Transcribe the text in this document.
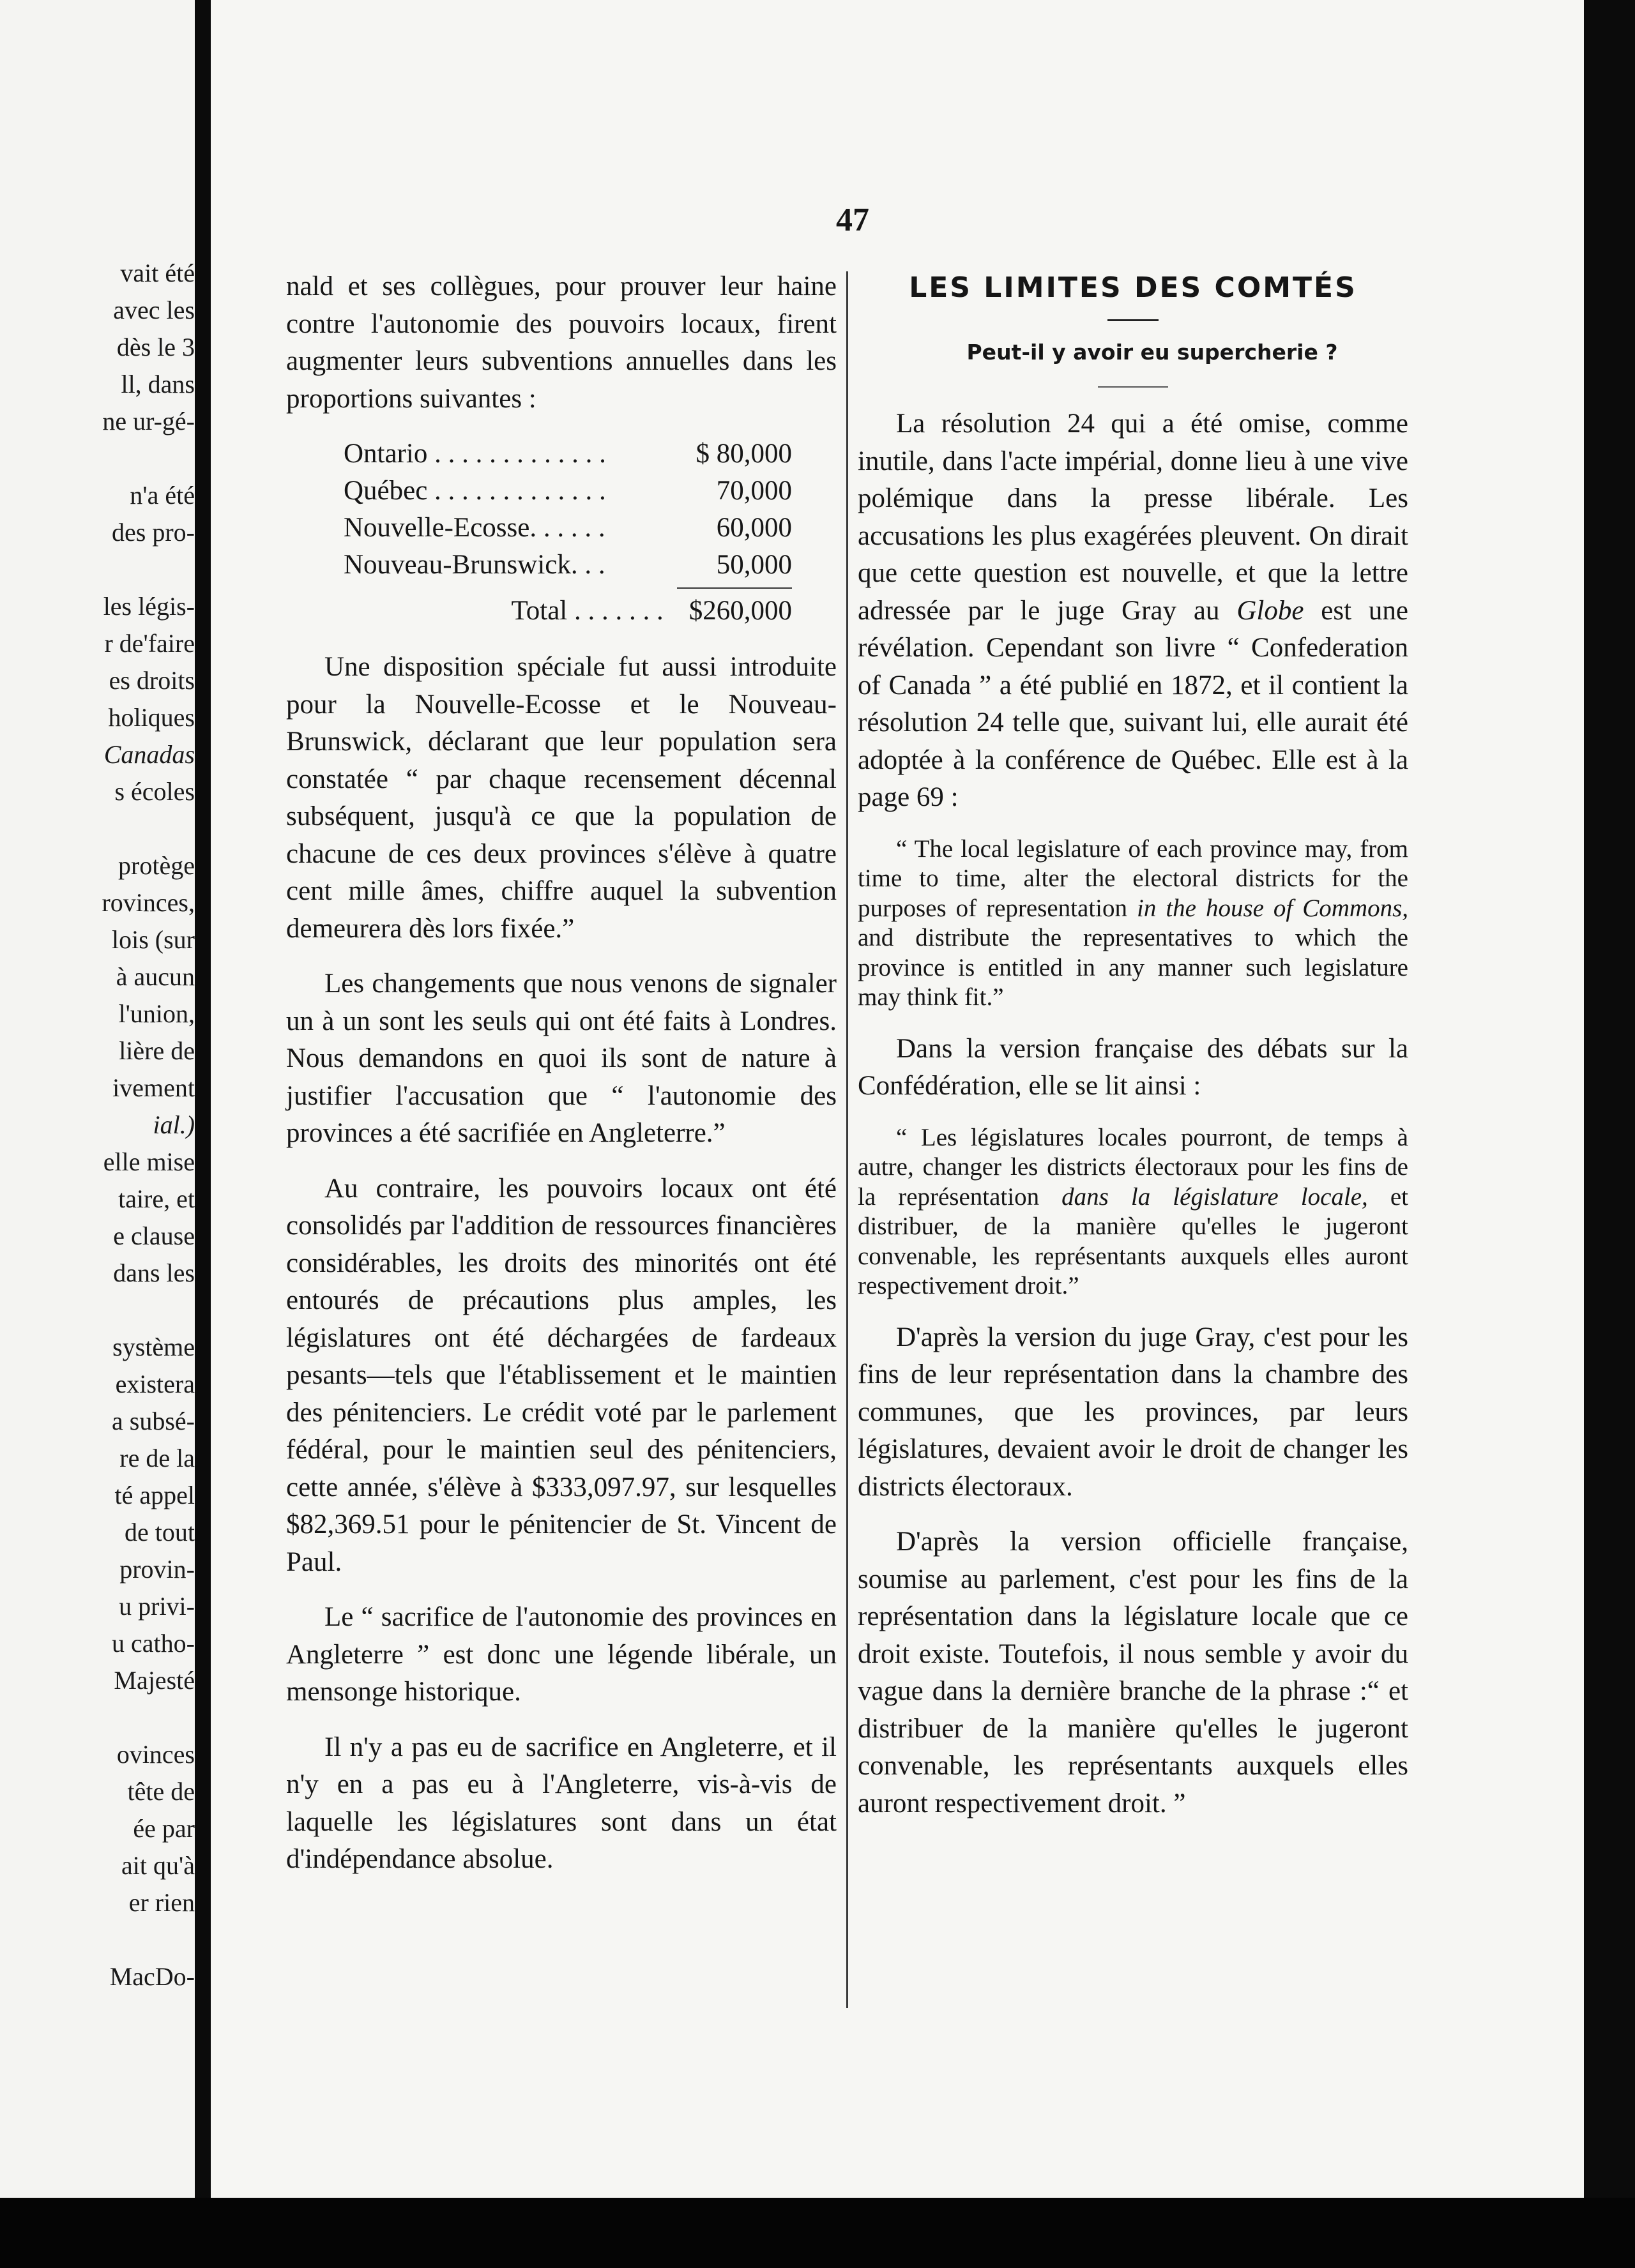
vait été
avec les
dès le 3
ll, dans
ne ur-gé-
n'a été
des pro-
les légis-
r de'faire
es droits
holiques
Canadas
s écoles
protège
rovinces,
lois (sur
à aucun
l'union,
lière de
ivement
ial.)
elle mise
taire, et
e clause
dans les
système
existera
a subsé-
re de la
té appel
de tout
provin-
u privi-
u catho-
Majesté
ovinces
tête de
ée par
ait qu'à
er rien
MacDo-
47

nald et ses collègues, pour prouver leur haine contre l'autonomie des pouvoirs locaux, firent augmenter leurs subventions annuelles dans les proportions suivantes :

Ontario . . . . . . . . . . . . .	$ 80,000
Québec . . . . . . . . . . . . .	70,000
Nouvelle-Ecosse. . . . . .	60,000
Nouveau-Brunswick. . .	50,000
Total . . . . . . . $260,000

Une disposition spéciale fut aussi introduite pour la Nouvelle-Ecosse et le Nouveau-Brunswick, déclarant que leur population sera constatée “ par chaque recensement décennal subséquent, jusqu'à ce que la population de chacune de ces deux provinces s'élève à quatre cent mille âmes, chiffre auquel la subvention demeurera dès lors fixée.”

Les changements que nous venons de signaler un à un sont les seuls qui ont été faits à Londres. Nous demandons en quoi ils sont de nature à justifier l'accusation que “ l'autonomie des provinces a été sacrifiée en Angleterre.”

Au contraire, les pouvoirs locaux ont été consolidés par l'addition de ressources financières considérables, les droits des minorités ont été entourés de précautions plus amples, les législatures ont été déchargées de fardeaux pesants—tels que l'établissement et le maintien des pénitenciers. Le crédit voté par le parlement fédéral, pour le maintien seul des pénitenciers, cette année, s'élève à $333,097.97, sur lesquelles $82,369.51 pour le pénitencier de St. Vincent de Paul.

Le “ sacrifice de l'autonomie des provinces en Angleterre ” est donc une légende libérale, un mensonge historique.

Il n'y a pas eu de sacrifice en Angleterre, et il n'y en a pas eu à l'Angleterre, vis-à-vis de laquelle les législatures sont dans un état d'indépendance absolue.

LES LIMITES DES COMTÉS

Peut-il y avoir eu supercherie ?

La résolution 24 qui a été omise, comme inutile, dans l'acte impérial, donne lieu à une vive polémique dans la presse libérale. Les accusations les plus exagérées pleuvent. On dirait que cette question est nouvelle, et que la lettre adressée par le juge Gray au Globe est une révélation. Cependant son livre “ Confederation of Canada ” a été publié en 1872, et il contient la résolution 24 telle que, suivant lui, elle aurait été adoptée à la conférence de Québec. Elle est à la page 69 :

“ The local legislature of each province may, from time to time, alter the electoral districts for the purposes of representation in the house of Commons, and distribute the representatives to which the province is entitled in any manner such legislature may think fit.”

Dans la version française des débats sur la Confédération, elle se lit ainsi :

“ Les législatures locales pourront, de temps à autre, changer les districts électoraux pour les fins de la représentation dans la législature locale, et distribuer, de la manière qu'elles le jugeront convenable, les représentants auxquels elles auront respectivement droit.”

D'après la version du juge Gray, c'est pour les fins de leur représentation dans la chambre des communes, que les provinces, par leurs législatures, devaient avoir le droit de changer les districts électoraux.

D'après la version officielle française, soumise au parlement, c'est pour les fins de la représentation dans la législature locale que ce droit existe. Toutefois, il nous semble y avoir du vague dans la dernière branche de la phrase :“ et distribuer de la manière qu'elles le jugeront convenable, les représentants auxquels elles auront respectivement droit. ”
